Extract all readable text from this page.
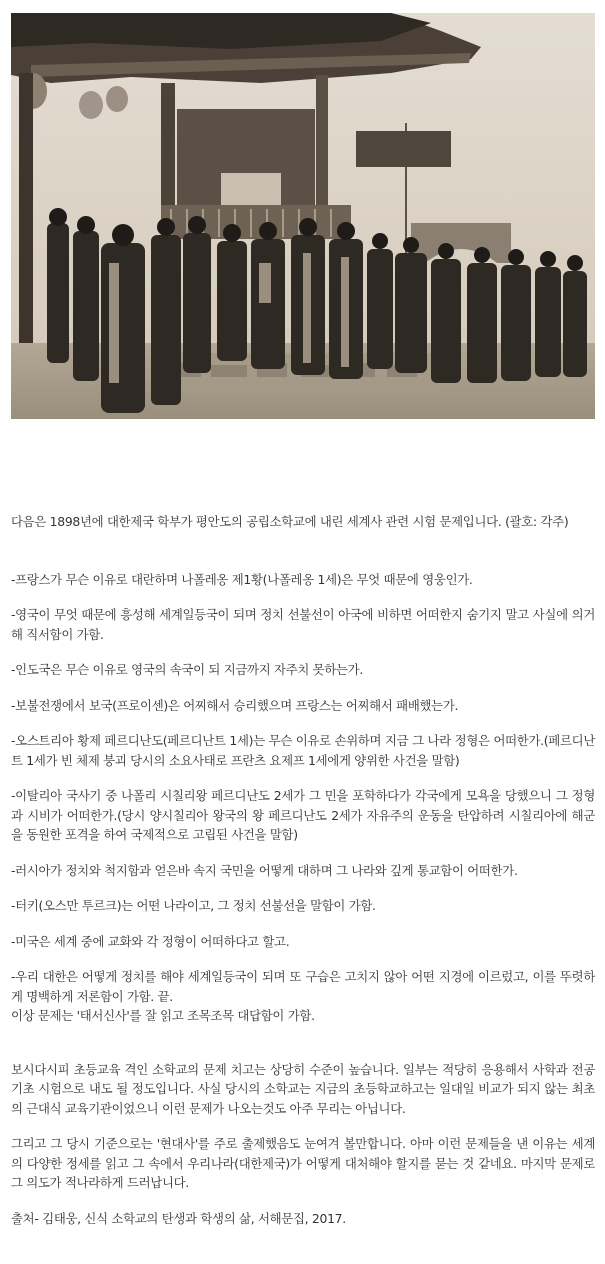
다음은 1898년에 대한제국 학부가 평안도의 공립소학교에 내린 세계사 관련 시험 문제입니다. (괄호: 각주)

-프랑스가 무슨 이유로 대란하며 나폴레옹 제1황(나폴레옹 1세)은 무엇 때문에 영웅인가.

-영국이 무엇 때문에 흥성해 세계일등국이 되며 정치 선불선이 아국에 비하면 어떠한지 숨기지 말고 사실에 의거해 직서함이 가함.

-인도국은 무슨 이유로 영국의 속국이 되 지금까지 자주치 못하는가.

-보불전쟁에서 보국(프로이센)은 어찌해서 승리했으며 프랑스는 어찌해서 패배했는가.

-오스트리아 황제 페르디난도(페르디난트 1세)는 무슨 이유로 손위하며 지금 그 나라 정형은 어떠한가.(페르디난트 1세가 빈 체제 붕괴 당시의 소요사태로 프란츠 요제프 1세에게 양위한 사건을 말함)

-이탈리아 국사기 중 나폴리 시칠리왕 페르디난도 2세가 그 민을 포학하다가 각국에게 모욕을 당했으니 그 정형과 시비가 어떠한가.(당시 양시칠리아 왕국의 왕 페르디난도 2세가 자유주의 운동을 탄압하려 시칠리아에 해군을 동원한 포격을 하여 국제적으로 고립된 사건을 말함)

-러시아가 정치와 척지함과 얻은바 속지 국민을 어떻게 대하며 그 나라와 깊게 통교함이 어떠한가.

-터키(오스만 투르크)는 어떤 나라이고, 그 정치 선불선을 말함이 가함.

-미국은 세계 중에 교화와 각 정형이 어떠하다고 할고.

-우리 대한은 어떻게 정치를 해야 세계일등국이 되며 또 구습은 고치지 않아 어떤 지경에 이르렀고, 이를 뚜렷하게 명백하게 저론함이 가함. 끝.

이상 문제는 '태서신사'를 잘 읽고 조목조목 대답함이 가함.

보시다시피 초등교육 격인 소학교의 문제 치고는 상당히 수준이 높습니다. 일부는 적당히 응용해서 사학과 전공기초 시험으로 내도 될 정도입니다. 사실 당시의 소학교는 지금의 초등학교하고는 일대일 비교가 되지 않는 최초의 근대식 교육기관이었으니 이런 문제가 나오는것도 아주 무리는 아닙니다.

그리고 그 당시 기준으로는 '현대사'를 주로 출제했음도 눈여겨 볼만합니다. 아마 이런 문제들을 낸 이유는 세계의 다양한 정세를 읽고 그 속에서 우리나라(대한제국)가 어떻게 대처해야 할지를 묻는 것 같네요. 마지막 문제로 그 의도가 적나라하게 드러납니다.

출처- 김태웅, 신식 소학교의 탄생과 학생의 삶, 서해문집, 2017.
